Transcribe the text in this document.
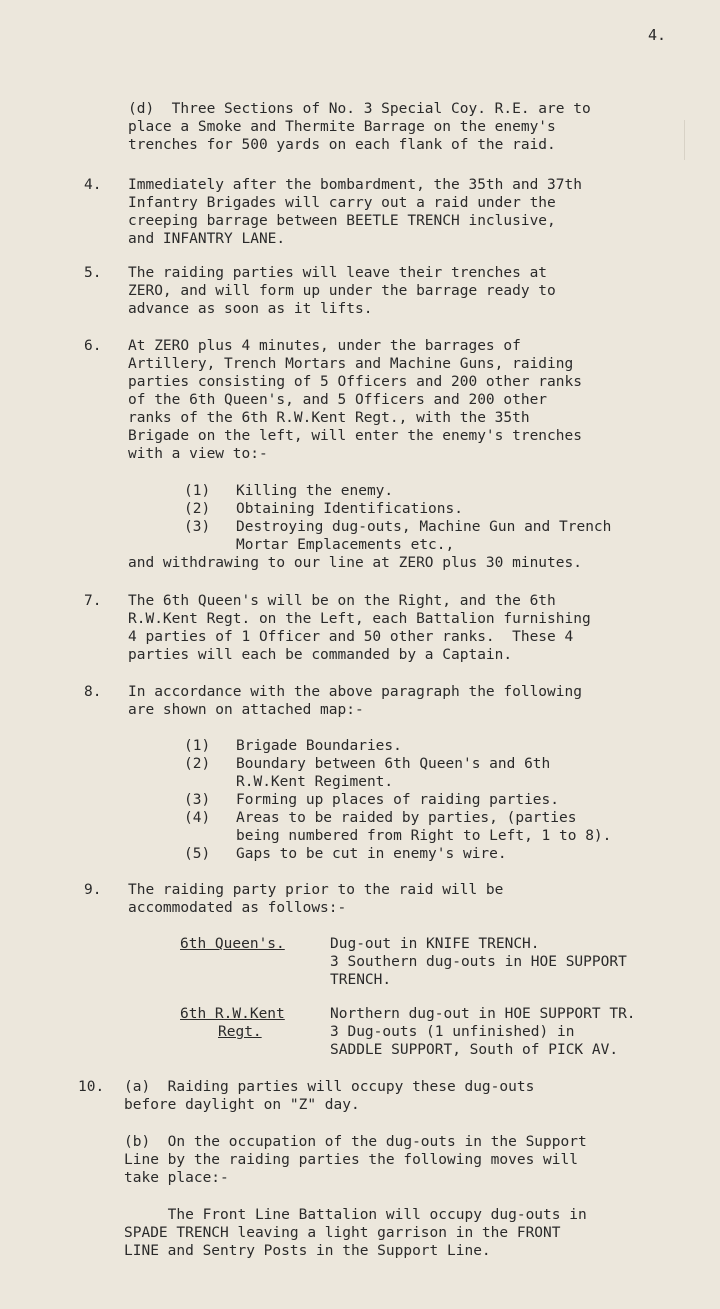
4.

(d)  Three Sections of No. 3 Special Coy. R.E. are to

place a Smoke and Thermite Barrage on the enemy's

trenches for 500 yards on each flank of the raid.

4. Immediately after the bombardment, the 35th and 37th

Infantry Brigades will carry out a raid under the

creeping barrage between BEETLE TRENCH inclusive,

and INFANTRY LANE.

5. The raiding parties will leave their trenches at

ZERO, and will form up under the barrage ready to

advance as soon as it lifts.

6. At ZERO plus 4 minutes, under the barrages of

Artillery, Trench Mortars and Machine Guns, raiding

parties consisting of 5 Officers and 200 other ranks

of the 6th Queen's, and 5 Officers and 200 other

ranks of the 6th R.W.Kent Regt., with the 35th

Brigade on the left, will enter the enemy's trenches

with a view to:-

(1) Killing the enemy.

(2) Obtaining Identifications.

(3) Destroying dug-outs, Machine Gun and Trench

Mortar Emplacements etc.,

and withdrawing to our line at ZERO plus 30 minutes.

7. The 6th Queen's will be on the Right, and the 6th

R.W.Kent Regt. on the Left, each Battalion furnishing

4 parties of 1 Officer and 50 other ranks.  These 4

parties will each be commanded by a Captain.

8. In accordance with the above paragraph the following

are shown on attached map:-

(1) Brigade Boundaries.

(2) Boundary between 6th Queen's and 6th

R.W.Kent Regiment.

(3) Forming up places of raiding parties.

(4) Areas to be raided by parties, (parties

being numbered from Right to Left, 1 to 8).

(5) Gaps to be cut in enemy's wire.

9. The raiding party prior to the raid will be

accommodated as follows:-

6th Queen's.	Dug-out in KNIFE TRENCH.

3 Southern dug-outs in HOE SUPPORT

TRENCH.

6th R.W.Kent

Regt.

Northern dug-out in HOE SUPPORT TR.

3 Dug-outs (1 unfinished) in

SADDLE SUPPORT, South of PICK AV.

10. (a)  Raiding parties will occupy these dug-outs

before daylight on "Z" day.

(b)  On the occupation of the dug-outs in the Support

Line by the raiding parties the following moves will

take place:-

The Front Line Battalion will occupy dug-outs in

SPADE TRENCH leaving a light garrison in the FRONT

LINE and Sentry Posts in the Support Line.
